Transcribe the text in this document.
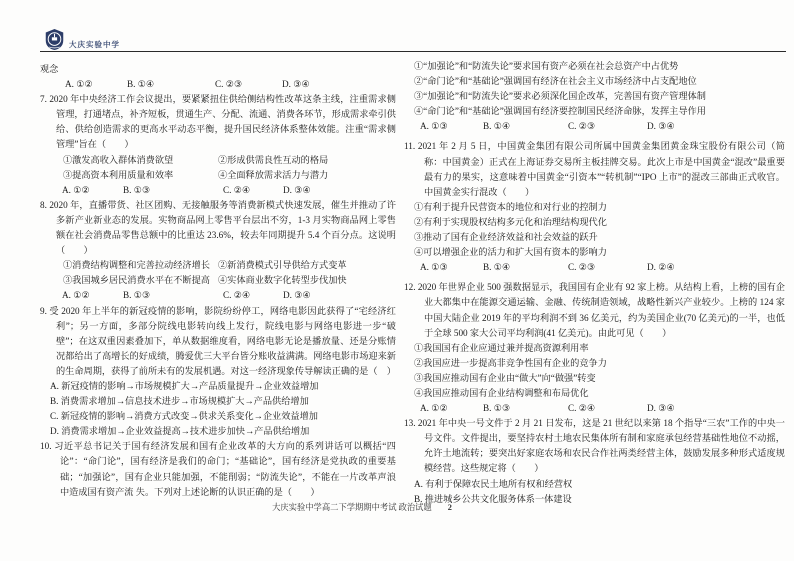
大庆实验中学

观念

A. ①②	B. ①④	C. ②③	D. ③④

7. 2020 年中央经济工作会议提出，要紧紧扭住供给侧结构性改革这条主线，注重需求侧管理，打通堵点，补齐短板，贯通生产、分配、流通、消费各环节，形成需求牵引供给、供给创造需求的更高水平动态平衡，提升国民经济体系整体效能。注重“需求侧管理”旨在（　　）

①激发高收入群体消费欲望	②形成供需良性互动的格局
③提高资本利用质量和效率	④全面释放需求活力与潜力
A. ①②	B. ①③	C. ②④	D. ③④

8. 2020 年，直播带货、社区团购、无接触服务等消费新模式快速发展，催生并推动了许多新产业新业态的发展。实物商品网上零售平台层出不穷，1-3 月实物商品网上零售额在社会消费品零售总额中的比重达 23.6%，较去年同期提升 5.4 个百分点。这说明（　　）

①消费结构调整和完善拉动经济增长 ②新消费模式引导供给方式变革
③我国城乡居民消费水平在不断提高 ④实体商业数字化转型步伐加快
A. ①②	B. ①③	C. ②④	D. ③④

9. 受 2020 年上半年的新冠疫情的影响，影院纷纷停工，网络电影因此获得了“宅经济红利”；另一方面，多部分院线电影转向线上发行，院线电影与网络电影进一步“破壁”；在这双重因素叠加下，单从数据维度看，网络电影无论是播放量、还是分账情况都给出了高增长的好成绩，腾爱优三大平台皆分账收益满满。网络电影市场迎来新的生命周期，获得了前所未有的发展机遇。对这一经济现象传导解读正确的是（　）

A. 新冠疫情的影响→市场规模扩大→产品质量提升→企业效益增加

B. 消费需求增加→信息技术进步→市场规模扩大→产品供给增加

C. 新冠疫情的影响→消费方式改变→供求关系变化→企业效益增加

D. 消费需求增加→企业效益提高→技术进步加快→产品供给增加

10. 习近平总书记关于国有经济发展和国有企业改革的大方向的系列讲话可以概括“四论”：“命门论”，国有经济是我们的命门；“基础论”，国有经济是党执政的重要基础；“加强论”，国有企业只能加强，不能削弱；“防流失论”，不能在一片改革声浪中造成国有资产流 失。下列对上述论断的认识正确的是（　　）

①“加强论”和“防流失论”要求国有资产必须在社会总资产中占优势

②“命门论”和“基础论”强调国有经济在社会主义市场经济中占支配地位

③“加强论”和“防流失论”要求必须深化国企改革，完善国有资产管理体制

④“命门论”和“基础论”强调国有经济要控制国民经济命脉，发挥主导作用

A. ①③	B. ①④	C. ②③	D. ③④

11. 2021 年 2 月 5 日，中国黄金集团有限公司所属中国黄金集团黄金珠宝股份有限公司（简称：中国黄金）正式在上海证券交易所主板挂牌交易。此次上市是中国黄金“混改”最重要最有力的果实，这意味着中国黄金“引资本”“转机制”“IPO 上市”的混改三部曲正式收官。中国黄金实行混改（　　）

①有利于提升民营资本的地位和对行业的控制力

②有利于实现股权结构多元化和治理结构现代化

③推动了国有企业经济效益和社会效益的跃升

④可以增强企业的活力和扩大国有资本的影响力

A. ①③	B. ①④	C. ②③	D. ②④

12. 2020 年世界企业 500 强数据显示，我国国有企业有 92 家上榜。从结构上看，上榜的国有企业大都集中在能源交通运输、金融、传统制造领域，战略性新兴产业较少。上榜的 124 家中国大陆企业 2019 年的平均利润不到 36 亿美元，约为美国企业(70 亿美元)的一半，也低于全球 500 家大公司平均利润(41 亿美元)。由此可见（　　）

①我国国有企业应通过兼并提高资源利用率

②我国应进一步提高非竞争性国有企业的竞争力

③我国应推动国有企业由“做大”向“做强”转变

④我国应推动国有企业结构调整和布局优化

A. ①②	B. ①③	C. ②④	D. ③④

13. 2021 年中央一号文件于 2 月 21 日发布，这是 21 世纪以来第 18 个指导“三农”工作的中央一号文件。文件提出，要坚持农村土地农民集体所有制和家庭承包经营基础性地位不动摇，允许土地流转；要突出好家庭农场和农民合作社两类经营主体，鼓励发展多种形式适度规模经营。这些规定将（　　）

A. 有利于保障农民土地所有权和经营权

B. 推进城乡公共文化服务体系一体建设

大庆实验中学高二下学期期中考试 政治试题 2
